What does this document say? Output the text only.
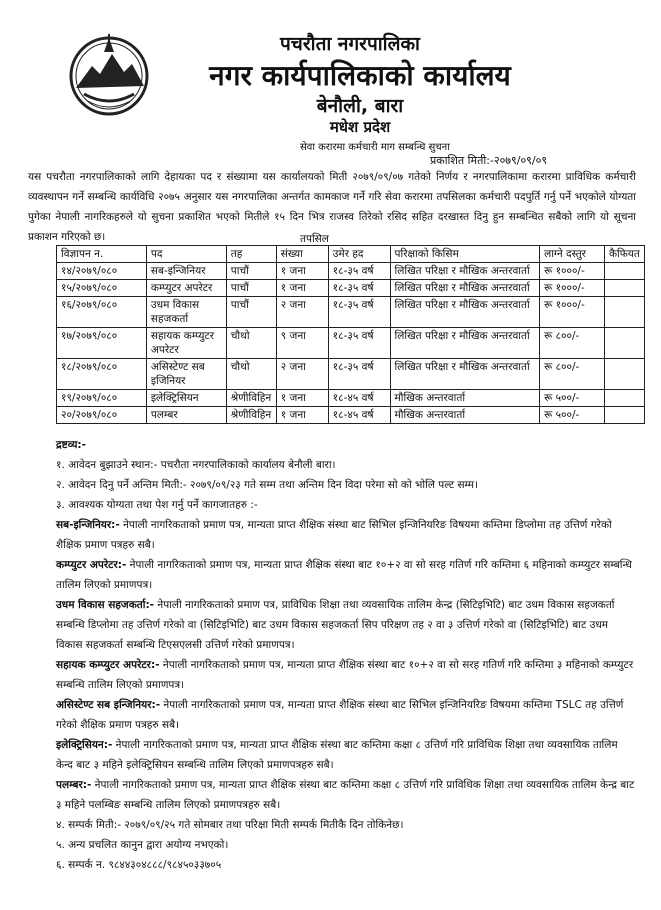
पचरौता नगरपालिका
नगर कार्यपालिकाको कार्यालय
बेनौली, बारा
मधेश प्रदेश
सेवा करारमा कर्मचारी माग सम्बन्धि सुचना
प्रकाशित मिती:-२०७९/०९/०९

यस पचरौता नगरपालिकाको लागि देहायका पद र संख्यामा यस कार्यालयको मिती २०७९/०९/०७ गतेको निर्णय र नगरपालिकामा करारमा प्राविधिक कर्मचारी व्यवस्थापन गर्ने सम्बन्धि कार्यविधि २०७५ अनुसार यस नगरपालिका अन्तर्गत कामकाज गर्ने गरि सेवा करारमा तपसिलका कर्मचारी पदपुर्ति गर्नु पर्ने भएकोले योग्यता पुगेका नेपाली नागरिकहरुले यो सुचना प्रकाशित भएको मितीले १५ दिन भित्र राजस्व तिरेको रसिद सहित दरखास्त दिनु हुन सम्बन्धित सबैको लागि यो सूचना प्रकाशन गरिएको छ।	तपसिल
विज्ञापन न.	पद	तह	संख्या	उमेर हद	परिक्षाको किसिम	लाग्ने दस्तुर	कैफियत
१४/२०७९/०८०	सब-इन्जिनियर	पाचौं	१ जना	१८-३५ वर्ष	लिखित परिक्षा र मौखिक अन्तरवार्ता	रू १०००/-	
१५/२०७९/०८०	कम्प्युटर अपरेटर	पाचौं	१ जना	१८-३५ वर्ष	लिखित परिक्षा र मौखिक अन्तरवार्ता	रू १०००/-	
१६/२०७९/०८०	उधम विकास सहजकर्ता	पाचौं	२ जना	१८-३५ वर्ष	लिखित परिक्षा र मौखिक अन्तरवार्ता	रू १०००/-	
१७/२०७९/०८०	सहायक कम्प्युटर अपरेटर	चौथो	९ जना	१८-३५ वर्ष	लिखित परिक्षा र मौखिक अन्तरवार्ता	रू ८००/-	
१८/२०७९/०८०	असिस्टेण्ट सब इजिनियर	चौथो	२ जना	१८-३५ वर्ष	लिखित परिक्षा र मौखिक अन्तरवार्ता	रू ८००/-	
१९/२०७९/०८०	इलेक्ट्रिसियन	श्रेणीविहिन	१ जना	१८-४५ वर्ष	मौखिक अन्तरवार्ता	रू ५००/-	
२०/२०७९/०८०	पलम्बर	श्रेणीविहिन	१ जना	१८-४५ वर्ष	मौखिक अन्तरवार्ता	रू ५००/-	

द्रष्टव्य:-

१. आवेदन बुझाउने स्थान:- पचरौता नगरपालिकाको कार्यालय बेनौली बारा।

२. आवेदन दिनु पर्ने अन्तिम मिती:- २०७९/०९/२३ गते सम्म तथा अन्तिम दिन विदा परेमा सो को भोलि पल्ट सम्म।

३. आवश्यक योग्यता तथा पेश गर्नु पर्ने कागजातहरु :-

सब-इन्जिनियर:- नेपाली नागरिकताको प्रमाण पत्र, मान्यता प्राप्त शैक्षिक संस्था बाट सिभिल इन्जिनियरिङ विषयमा कम्तिमा डिप्लोमा तह उत्तिर्ण गरेको शैक्षिक प्रमाण पत्रहरु सबै।

कम्प्युटर अपरेटर:- नेपाली नागरिकताको प्रमाण पत्र, मान्यता प्राप्त शैक्षिक संस्था बाट १०+२ वा सो सरह गतिर्ण गरि कम्तिमा ६ महिनाको कम्प्युटर सम्बन्धि तालिम लिएको प्रमाणपत्र।

उधम विकास सहजकर्ता:- नेपाली नागरिकताको प्रमाण पत्र, प्राविधिक शिक्षा तथा व्यवसायिक तालिम केन्द्र (सिटिइभिटि) बाट उधम विकास सहजकर्ता सम्बन्धि डिप्लोमा तह उत्तिर्ण गरेको वा (सिटिइभिटि) बाट उधम विकास सहजकर्ता सिप परिक्षण तह २ वा ३ उत्तिर्ण गरेको वा (सिटिइभिटि) बाट उधम विकास सहजकर्ता सम्बन्धि टिएसएलसी उत्तिर्ण गरेको प्रमाणपत्र।

सहायक कम्प्युटर अपरेटर:- नेपाली नागरिकताको प्रमाण पत्र, मान्यता प्राप्त शैक्षिक संस्था बाट १०+२ वा सो सरह गतिर्ण गरि कम्तिमा ३ महिनाको कम्प्युटर सम्बन्धि तालिम लिएको प्रमाणपत्र।

असिस्टेण्ट सब इन्जिनियर:- नेपाली नागरिकताको प्रमाण पत्र, मान्यता प्राप्त शैक्षिक संस्था बाट सिभिल इन्जिनियरिङ विषयमा कम्तिमा TSLC तह उत्तिर्ण गरेको शैक्षिक प्रमाण पत्रहरु सबै।

इलेक्ट्रिसियन:- नेपाली नागरिकताको प्रमाण पत्र, मान्यता प्राप्त शैक्षिक संस्था बाट कम्तिमा कक्षा ८ उत्तिर्ण गरि प्राविधिक शिक्षा तथा व्यवसायिक तालिम केन्द बाट ३ महिने इलेक्ट्रिसियन सम्बन्धि तालिम लिएको प्रमाणपत्रहरु सबै।

पलम्बर:- नेपाली नागरिकताको प्रमाण पत्र, मान्यता प्राप्त शैक्षिक संस्था बाट कम्तिमा कक्षा ८ उत्तिर्ण गरि प्राविधिक शिक्षा तथा व्यवसायिक तालिम केन्द्र बाट ३ महिने पलम्बिङ सम्बन्धि तालिम लिएको प्रमाणपत्रहरु सबै।

४. सम्पर्क मिती:- २०७९/०९/२५ गते सोमबार तथा परिक्षा मिती सम्पर्क मितीकै दिन तोकिनेछ।

५. अन्य प्रचलित कानुन द्वारा अयोग्य नभएको।

६. सम्पर्क न. ९८४४३०४८८८/९८४५०३३७०५
